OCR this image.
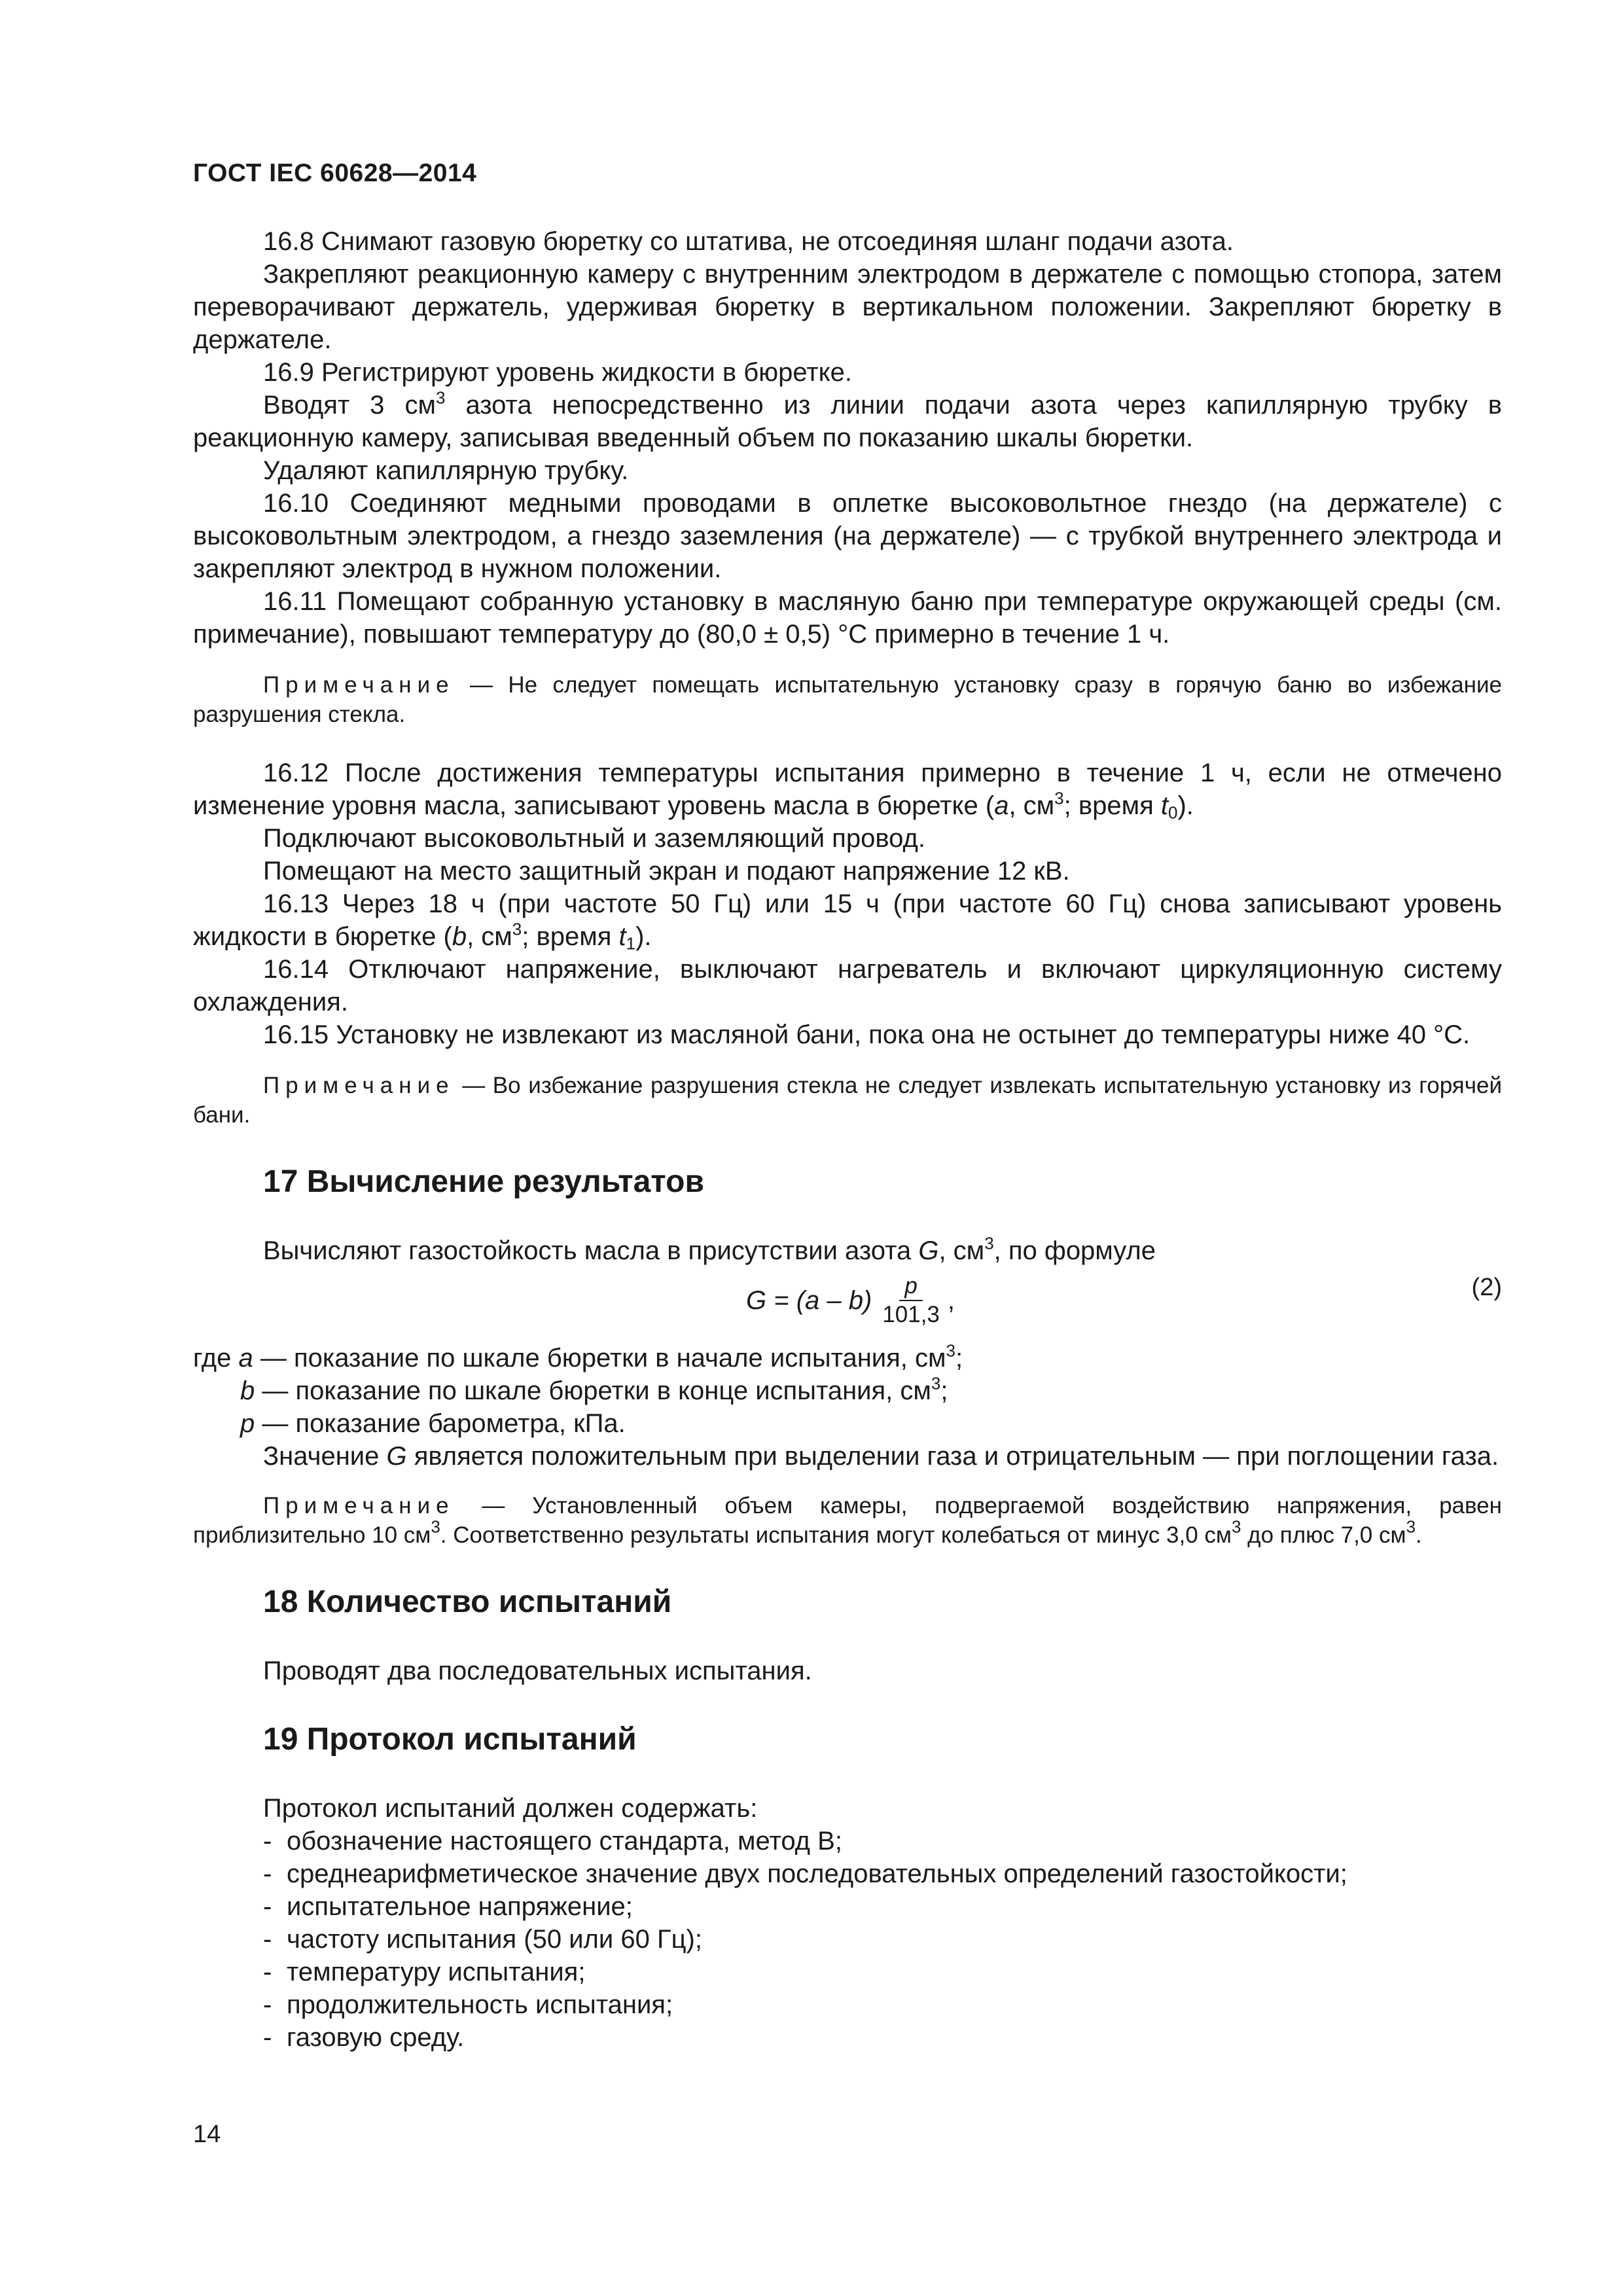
ГОСТ IEC 60628—2014

16.8 Снимают газовую бюретку со штатива, не отсоединяя шланг подачи азота.

Закрепляют реакционную камеру с внутренним электродом в держателе с помощью стопора, затем переворачивают держатель, удерживая бюретку в вертикальном положении. Закрепляют бюретку в держателе.

16.9 Регистрируют уровень жидкости в бюретке.

Вводят 3 $см^3$ азота непосредственно из линии подачи азота через капиллярную трубку в реакционную камеру, записывая введенный объем по показанию шкалы бюретки.

Удаляют капиллярную трубку.

16.10 Соединяют медными проводами в оплетке высоковольтное гнездо (на держателе) с высоковольтным электродом, а гнездо заземления (на держателе) — с трубкой внутреннего электрода и закрепляют электрод в нужном положении.

16.11 Помещают собранную установку в масляную баню при температуре окружающей среды (см. примечание), повышают температуру до (80,0 ± 0,5) °С примерно в течение 1 ч.

Примечание — Не следует помещать испытательную установку сразу в горячую баню во избежание разрушения стекла.

16.12 После достижения температуры испытания примерно в течение 1 ч, если не отмечено изменение уровня масла, записывают уровень масла в бюретке (а, $см^3$; время $t_0$).

Подключают высоковольтный и заземляющий провод.

Помещают на место защитный экран и подают напряжение 12 кВ.

16.13 Через 18 ч (при частоте 50 Гц) или 15 ч (при частоте 60 Гц) снова записывают уровень жидкости в бюретке (b, $см^3$; время $t_1$).

16.14 Отключают напряжение, выключают нагреватель и включают циркуляционную систему охлаждения.

16.15 Установку не извлекают из масляной бани, пока она не остынет до температуры ниже 40 °С.

Примечание — Во избежание разрушения стекла не следует извлекать испытательную установку из горячей бани.

17 Вычисление результатов

Вычисляют газостойкость масла в присутствии азота G, $см^3$, по формуле

$G = (a - b) \frac{p}{101,3}$ ,	(2)

где a — показание по шкале бюретки в начале испытания, $см^3$;

b — показание по шкале бюретки в конце испытания, $см^3$;

p — показание барометра, кПа.

Значение G является положительным при выделении газа и отрицательным — при поглощении газа.

Примечание — Установленный объем камеры, подвергаемой воздействию напряжения, равен приблизительно 10 $см^3$. Соответственно результаты испытания могут колебаться от минус 3,0 $см^3$ до плюс 7,0 $см^3$.

18 Количество испытаний

Проводят два последовательных испытания.

19 Протокол испытаний

Протокол испытаний должен содержать:

- обозначение настоящего стандарта, метод B;
- среднеарифметическое значение двух последовательных определений газостойкости;
- испытательное напряжение;
- частоту испытания (50 или 60 Гц);
- температуру испытания;
- продолжительность испытания;
- газовую среду.
14
